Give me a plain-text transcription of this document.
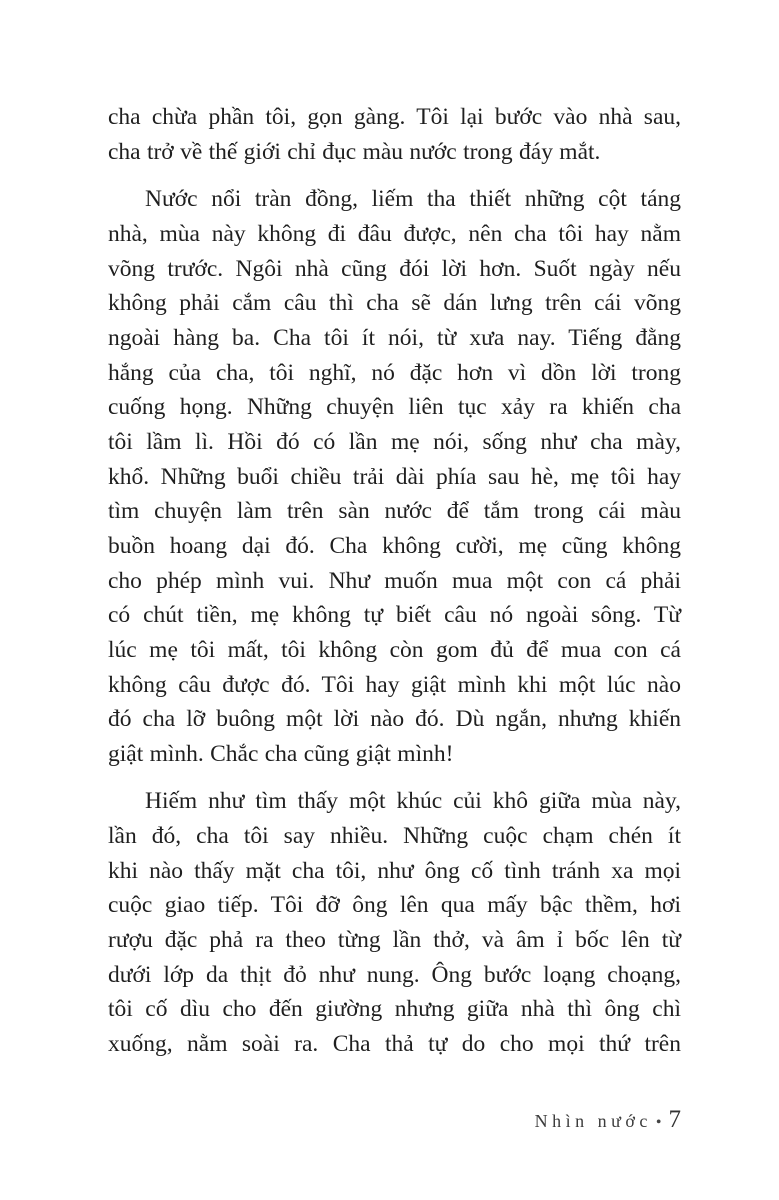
cha chừa phần tôi, gọn gàng. Tôi lại bước vào nhà sau,
cha trở về thế giới chỉ đục màu nước trong đáy mắt.
Nước nổi tràn đồng, liếm tha thiết những cột táng
nhà, mùa này không đi đâu được, nên cha tôi hay nằm
võng trước. Ngôi nhà cũng đói lời hơn. Suốt ngày nếu
không phải cắm câu thì cha sẽ dán lưng trên cái võng
ngoài hàng ba. Cha tôi ít nói, từ xưa nay. Tiếng đằng
hắng của cha, tôi nghĩ, nó đặc hơn vì dồn lời trong
cuống họng. Những chuyện liên tục xảy ra khiến cha
tôi lầm lì. Hồi đó có lần mẹ nói, sống như cha mày,
khổ. Những buổi chiều trải dài phía sau hè, mẹ tôi hay
tìm chuyện làm trên sàn nước để tắm trong cái màu
buồn hoang dại đó. Cha không cười, mẹ cũng không
cho phép mình vui. Như muốn mua một con cá phải
có chút tiền, mẹ không tự biết câu nó ngoài sông. Từ
lúc mẹ tôi mất, tôi không còn gom đủ để mua con cá
không câu được đó. Tôi hay giật mình khi một lúc nào
đó cha lỡ buông một lời nào đó. Dù ngắn, nhưng khiến
giật mình. Chắc cha cũng giật mình!
Hiếm như tìm thấy một khúc củi khô giữa mùa này,
lần đó, cha tôi say nhiều. Những cuộc chạm chén ít
khi nào thấy mặt cha tôi, như ông cố tình tránh xa mọi
cuộc giao tiếp. Tôi đỡ ông lên qua mấy bậc thềm, hơi
rượu đặc phả ra theo từng lần thở, và âm ỉ bốc lên từ
dưới lớp da thịt đỏ như nung. Ông bước loạng choạng,
tôi cố dìu cho đến giường nhưng giữa nhà thì ông chì
xuống, nằm soài ra. Cha thả tự do cho mọi thứ trên
Nhìn nước • 7
